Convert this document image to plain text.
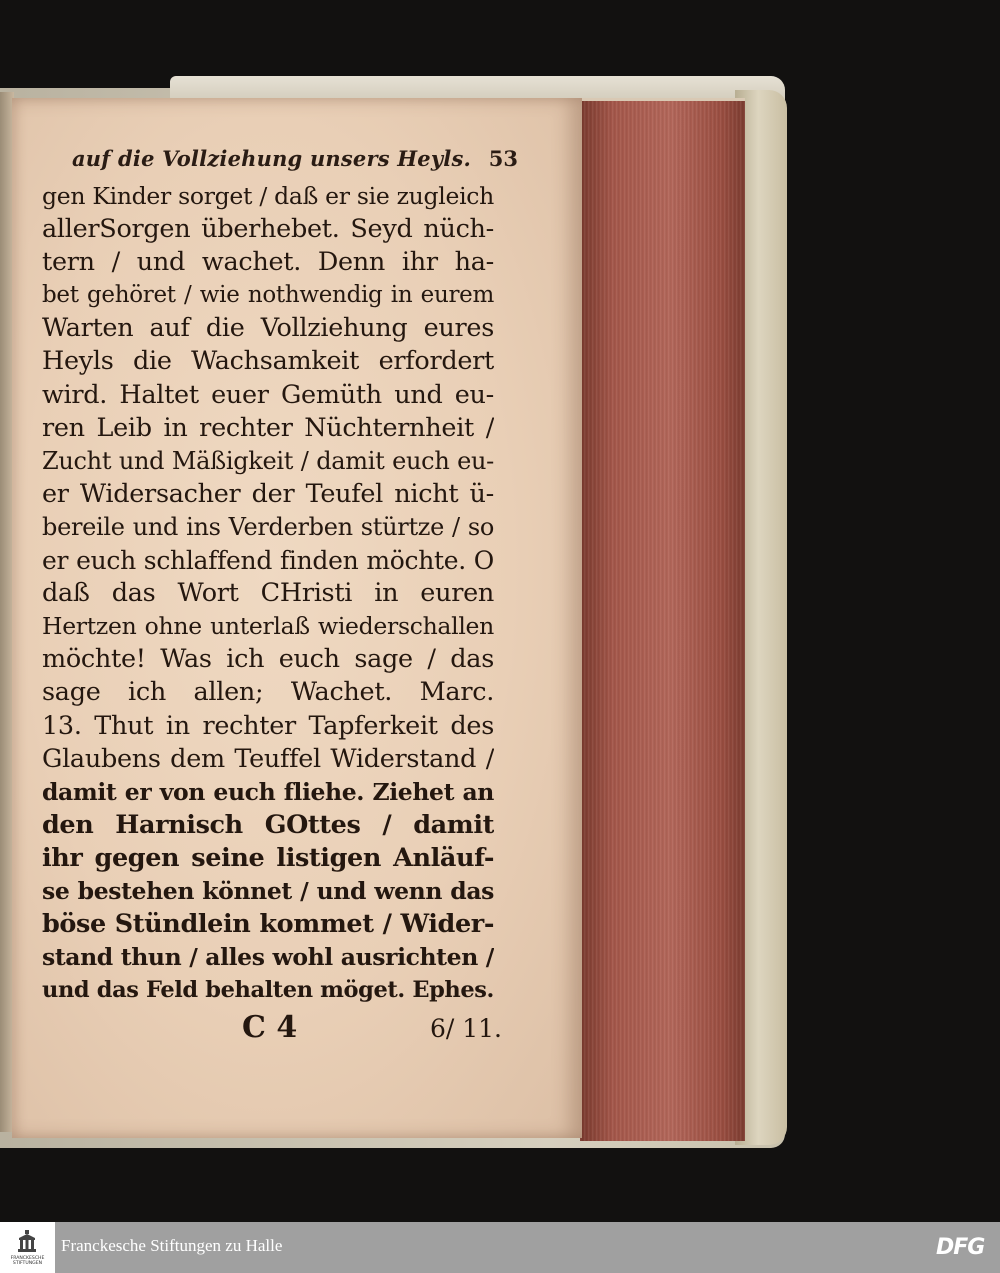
auf die Vollziehung unsers Heyls. 53
gen Kinder sorget / daß er sie zugleich
allerSorgen überhebet. Seyd nüch-
tern / und wachet. Denn ihr ha-
bet gehöret / wie nothwendig in eurem
Warten auf die Vollziehung eures
Heyls die Wachsamkeit erfordert
wird. Haltet euer Gemüth und eu-
ren Leib in rechter Nüchternheit /
Zucht und Mäßigkeit / damit euch eu-
er Widersacher der Teufel nicht ü-
bereile und ins Verderben stürtze / so
er euch schlaffend finden möchte. O
daß das Wort CHristi in euren
Hertzen ohne unterlaß wiederschallen
möchte! Was ich euch sage / das
sage ich allen; Wachet. Marc.
13. Thut in rechter Tapferkeit des
Glaubens dem Teuffel Widerstand /
damit er von euch fliehe. Ziehet an
den Harnisch GOttes / damit
ihr gegen seine listigen Anläuf-
se bestehen könnet / und wenn das
böse Stündlein kommet / Wider-
stand thun / alles wohl ausrichten /
und das Feld behalten möget. Ephes.
C 4	6/ 11.
FRANCKESCHE STIFTUNGEN
Franckesche Stiftungen zu Halle	DFG
